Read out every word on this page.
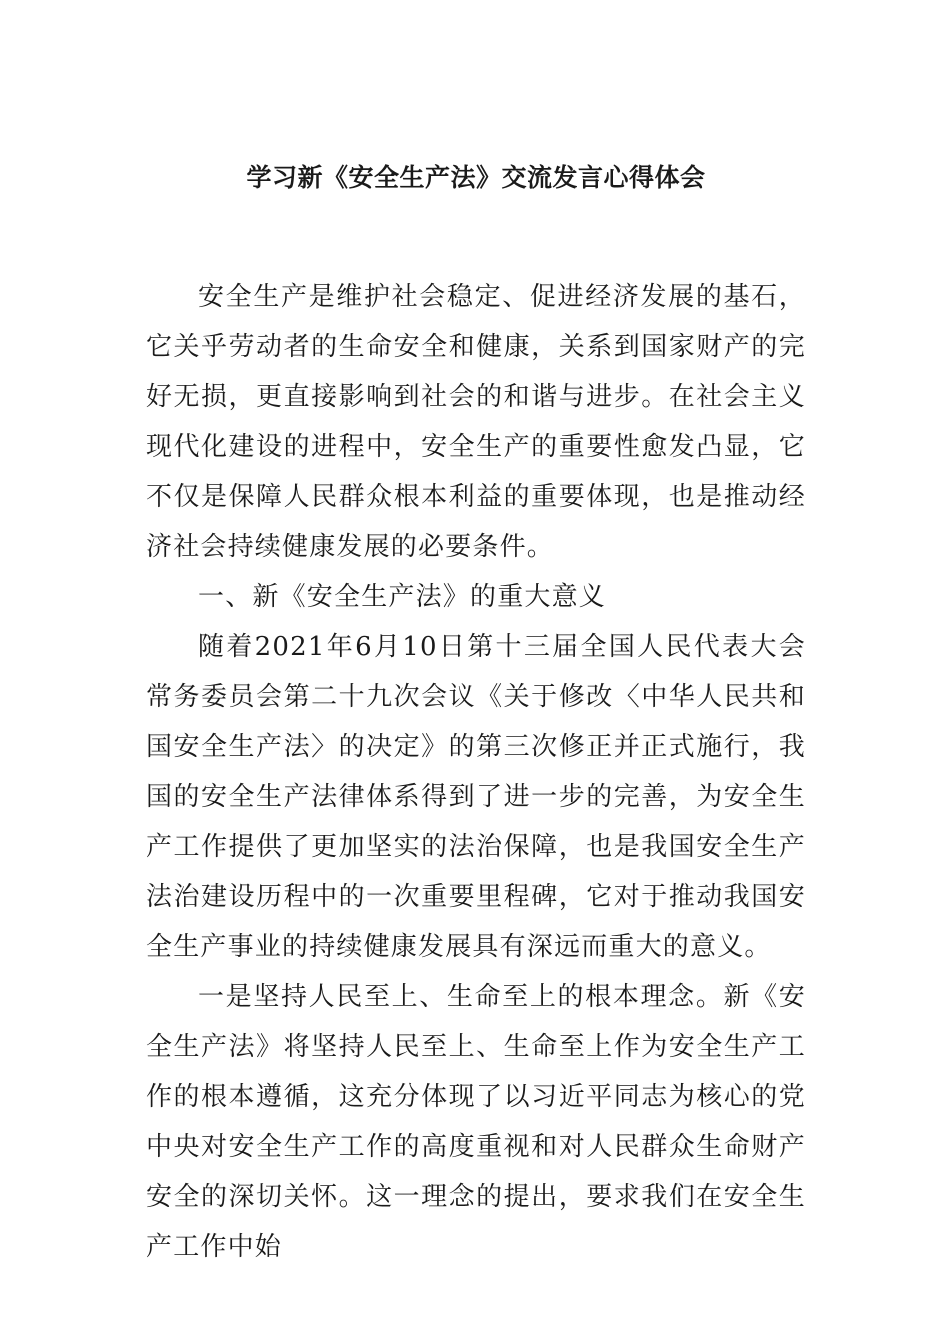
学习新《安全生产法》交流发言心得体会

安全生产是维护社会稳定、促进经济发展的基石，它关乎劳动者的生命安全和健康，关系到国家财产的完好无损，更直接影响到社会的和谐与进步。在社会主义现代化建设的进程中，安全生产的重要性愈发凸显，它不仅是保障人民群众根本利益的重要体现，也是推动经济社会持续健康发展的必要条件。

一、新《安全生产法》的重大意义

随着2021年6月10日第十三届全国人民代表大会常务委员会第二十九次会议《关于修改〈中华人民共和国安全生产法〉的决定》的第三次修正并正式施行，我国的安全生产法律体系得到了进一步的完善，为安全生产工作提供了更加坚实的法治保障，也是我国安全生产法治建设历程中的一次重要里程碑，它对于推动我国安全生产事业的持续健康发展具有深远而重大的意义。

一是坚持人民至上、生命至上的根本理念。新《安全生产法》将坚持人民至上、生命至上作为安全生产工作的根本遵循，这充分体现了以习近平同志为核心的党中央对安全生产工作的高度重视和对人民群众生命财产安全的深切关怀。这一理念的提出，要求我们在安全生产工作中始
